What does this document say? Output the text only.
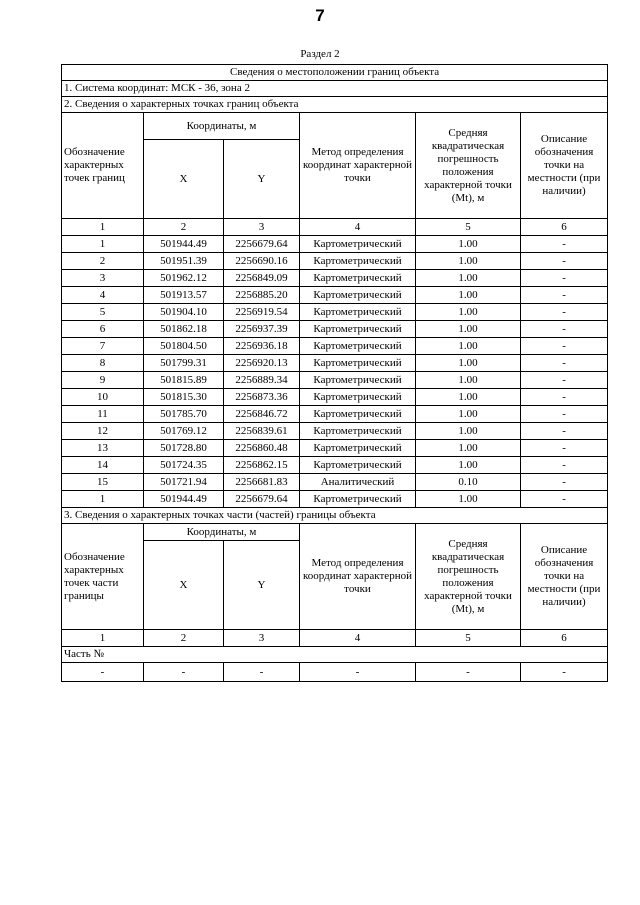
7
Раздел 2
Сведения о местоположении границ объекта					
1. Система координат: МСК - 36, зона 2					
2. Сведения о характерных точках границ объекта					
Обозначение характерных точек границ	Координаты, м		Метод определения координат характерной точки	Средняя квадратическая погрешность положения характерной точки (Mt), м	Описание обозначения точки на местности (при наличии)
	X	Y			
1	2	3	4	5	6
1	501944.49	2256679.64	Картометрический	1.00	-
2	501951.39	2256690.16	Картометрический	1.00	-
3	501962.12	2256849.09	Картометрический	1.00	-
4	501913.57	2256885.20	Картометрический	1.00	-
5	501904.10	2256919.54	Картометрический	1.00	-
6	501862.18	2256937.39	Картометрический	1.00	-
7	501804.50	2256936.18	Картометрический	1.00	-
8	501799.31	2256920.13	Картометрический	1.00	-
9	501815.89	2256889.34	Картометрический	1.00	-
10	501815.30	2256873.36	Картометрический	1.00	-
11	501785.70	2256846.72	Картометрический	1.00	-
12	501769.12	2256839.61	Картометрический	1.00	-
13	501728.80	2256860.48	Картометрический	1.00	-
14	501724.35	2256862.15	Картометрический	1.00	-
15	501721.94	2256681.83	Аналитический	0.10	-
1	501944.49	2256679.64	Картометрический	1.00	-
3. Сведения о характерных точках части (частей) границы объекта					
Обозначение характерных точек части границы	Координаты, м		Метод определения координат характерной точки	Средняя квадратическая погрешность положения характерной точки (Mt), м	Описание обозначения точки на местности (при наличии)
	X	Y			
1	2	3	4	5	6
Часть №					
-	-	-	-	-	-
